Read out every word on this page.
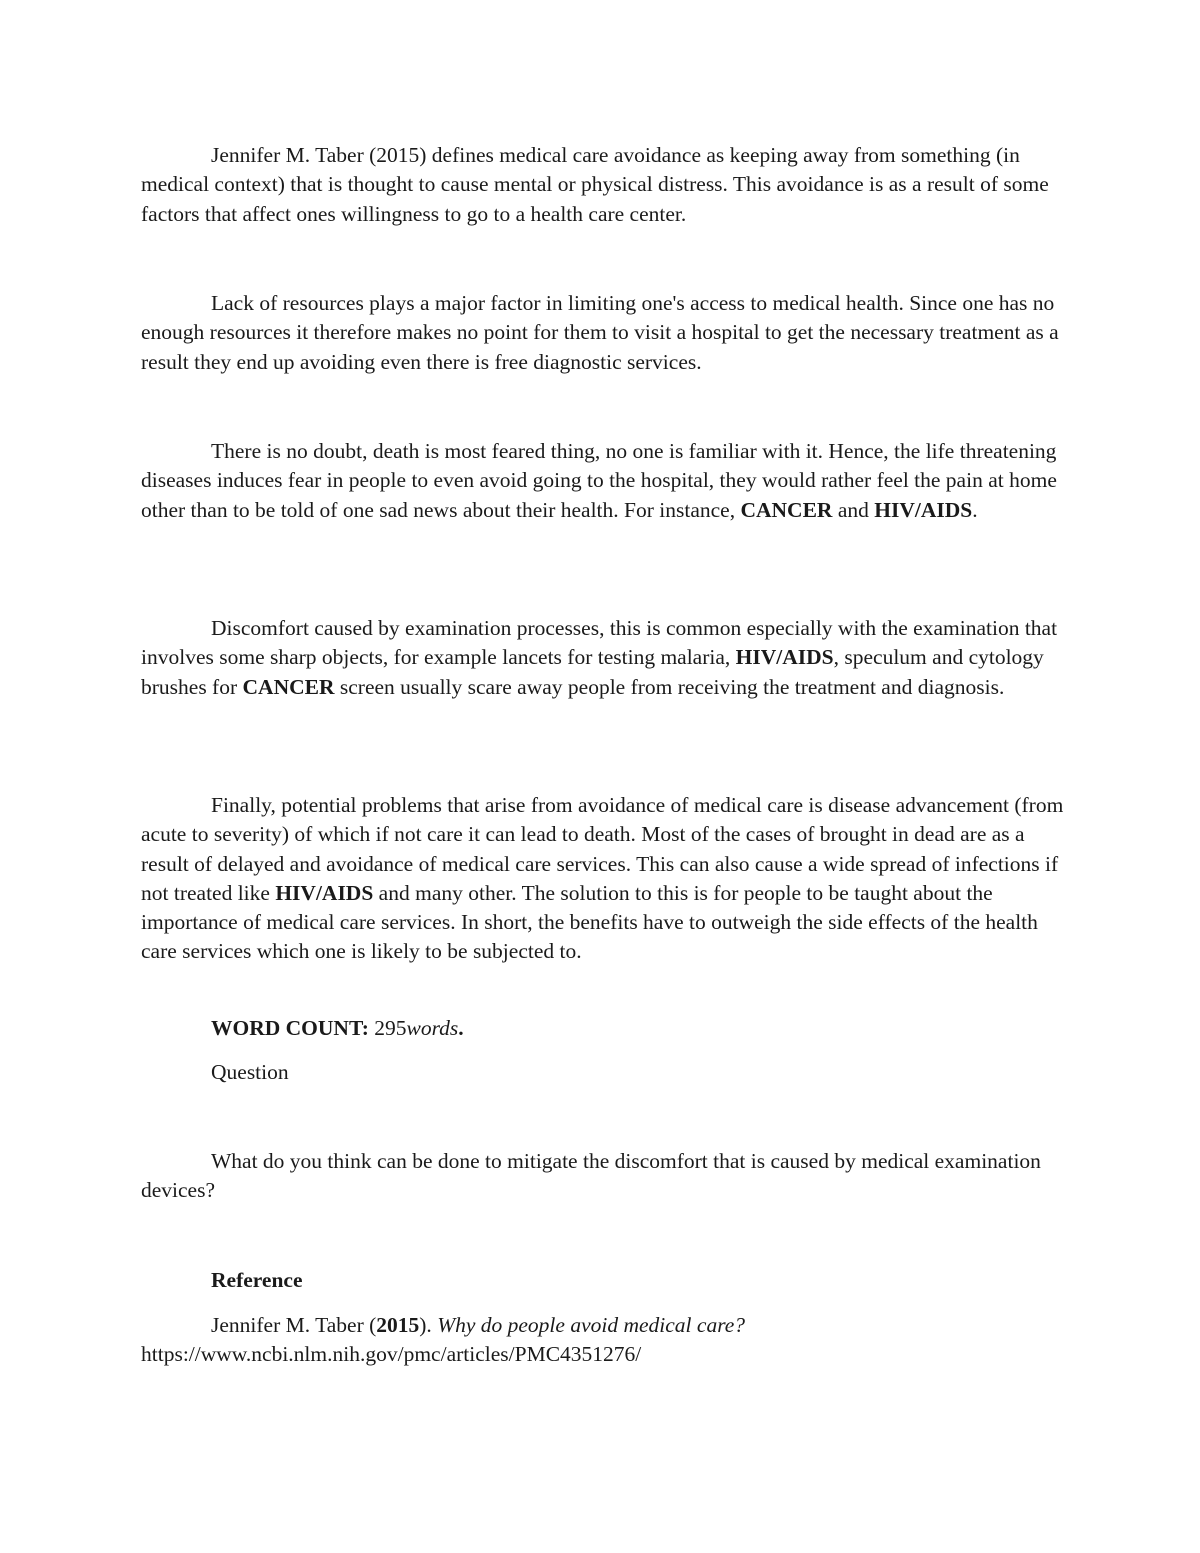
Jennifer M. Taber (2015) defines medical care avoidance as keeping away from something (in medical context) that is thought to cause mental or physical distress. This avoidance is as a result of some factors that affect ones willingness to go to a health care center.

Lack of resources plays a major factor in limiting one's access to medical health. Since one has no enough resources it therefore makes no point for them to visit a hospital to get the necessary treatment as a result they end up avoiding even there is free diagnostic services.

There is no doubt, death is most feared thing, no one is familiar with it. Hence, the life threatening diseases induces fear in people to even avoid going to the hospital, they would rather feel the pain at home other than to be told of one sad news about their health. For instance, CANCER and HIV/AIDS.

Discomfort caused by examination processes, this is common especially with the examination that involves some sharp objects, for example lancets for testing malaria, HIV/AIDS, speculum and cytology brushes for CANCER screen usually scare away people from receiving the treatment and diagnosis.

Finally, potential problems that arise from avoidance of medical care is disease advancement (from acute to severity) of which if not care it can lead to death. Most of the cases of brought in dead are as a result of delayed and avoidance of medical care services. This can also cause a wide spread of infections if not treated like HIV/AIDS and many other. The solution to this is for people to be taught about the importance of medical care services. In short, the benefits have to outweigh the side effects of the health care services which one is likely to be subjected to.

WORD COUNT: 295words.

Question

What do you think can be done to mitigate the discomfort that is caused by medical examination devices?

Reference

Jennifer M. Taber (2015). Why do people avoid medical care?

https://www.ncbi.nlm.nih.gov/pmc/articles/PMC4351276/
